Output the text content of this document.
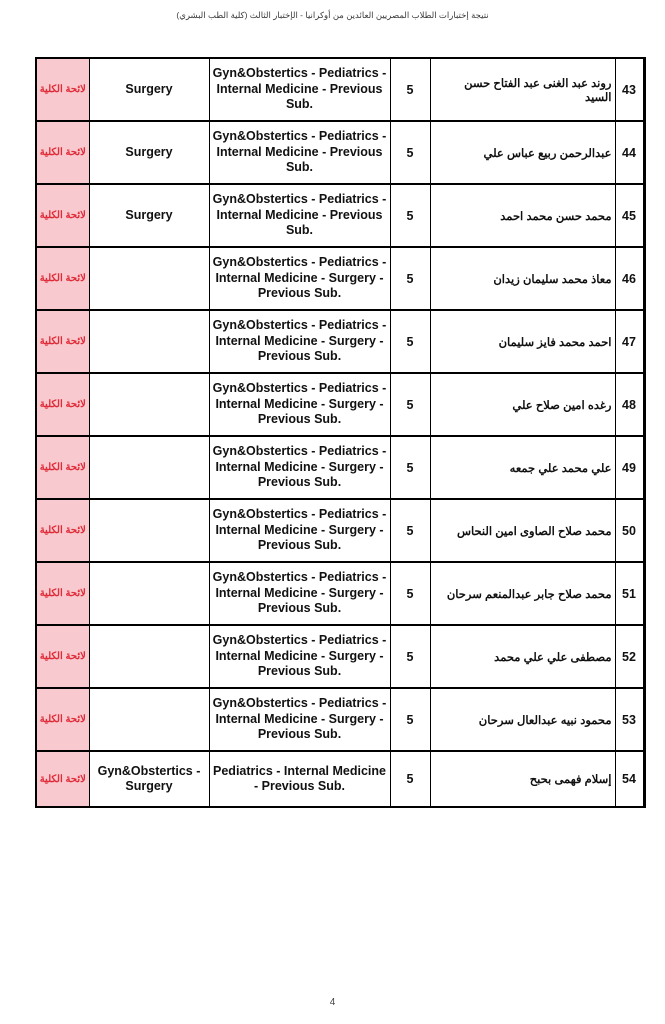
نتيجة إختبارات الطلاب المصريين العائدين من أوكرانيا - الإختبار الثالث (كلية الطب البشري)
لائحة الكلية	Surgery	Gyn&Obstertics - Pediatrics - Internal Medicine - Previous Sub.	5	روند عبد الغنى عبد الفتاح حسن السيد	43
لائحة الكلية	Surgery	Gyn&Obstertics - Pediatrics - Internal Medicine - Previous Sub.	5	عبدالرحمن ربيع عباس علي	44
لائحة الكلية	Surgery	Gyn&Obstertics - Pediatrics - Internal Medicine - Previous Sub.	5	محمد حسن محمد احمد	45
لائحة الكلية		Gyn&Obstertics - Pediatrics - Internal Medicine - Surgery - Previous Sub.	5	معاذ محمد سليمان زيدان	46
لائحة الكلية		Gyn&Obstertics - Pediatrics - Internal Medicine - Surgery - Previous Sub.	5	احمد محمد فايز سليمان	47
لائحة الكلية		Gyn&Obstertics - Pediatrics - Internal Medicine - Surgery - Previous Sub.	5	رغده امين صلاح علي	48
لائحة الكلية		Gyn&Obstertics - Pediatrics - Internal Medicine - Surgery - Previous Sub.	5	علي محمد علي جمعه	49
لائحة الكلية		Gyn&Obstertics - Pediatrics - Internal Medicine - Surgery - Previous Sub.	5	محمد صلاح الصاوى امين النحاس	50
لائحة الكلية		Gyn&Obstertics - Pediatrics - Internal Medicine - Surgery - Previous Sub.	5	محمد صلاح جابر عبدالمنعم سرحان	51
لائحة الكلية		Gyn&Obstertics - Pediatrics - Internal Medicine - Surgery - Previous Sub.	5	مصطفى علي علي محمد	52
لائحة الكلية		Gyn&Obstertics - Pediatrics - Internal Medicine - Surgery - Previous Sub.	5	محمود نبيه عبدالعال سرحان	53
لائحة الكلية	Gyn&Obstertics - Surgery	Pediatrics - Internal Medicine - Previous Sub.	5	إسلام فهمى بحبح	54
4
